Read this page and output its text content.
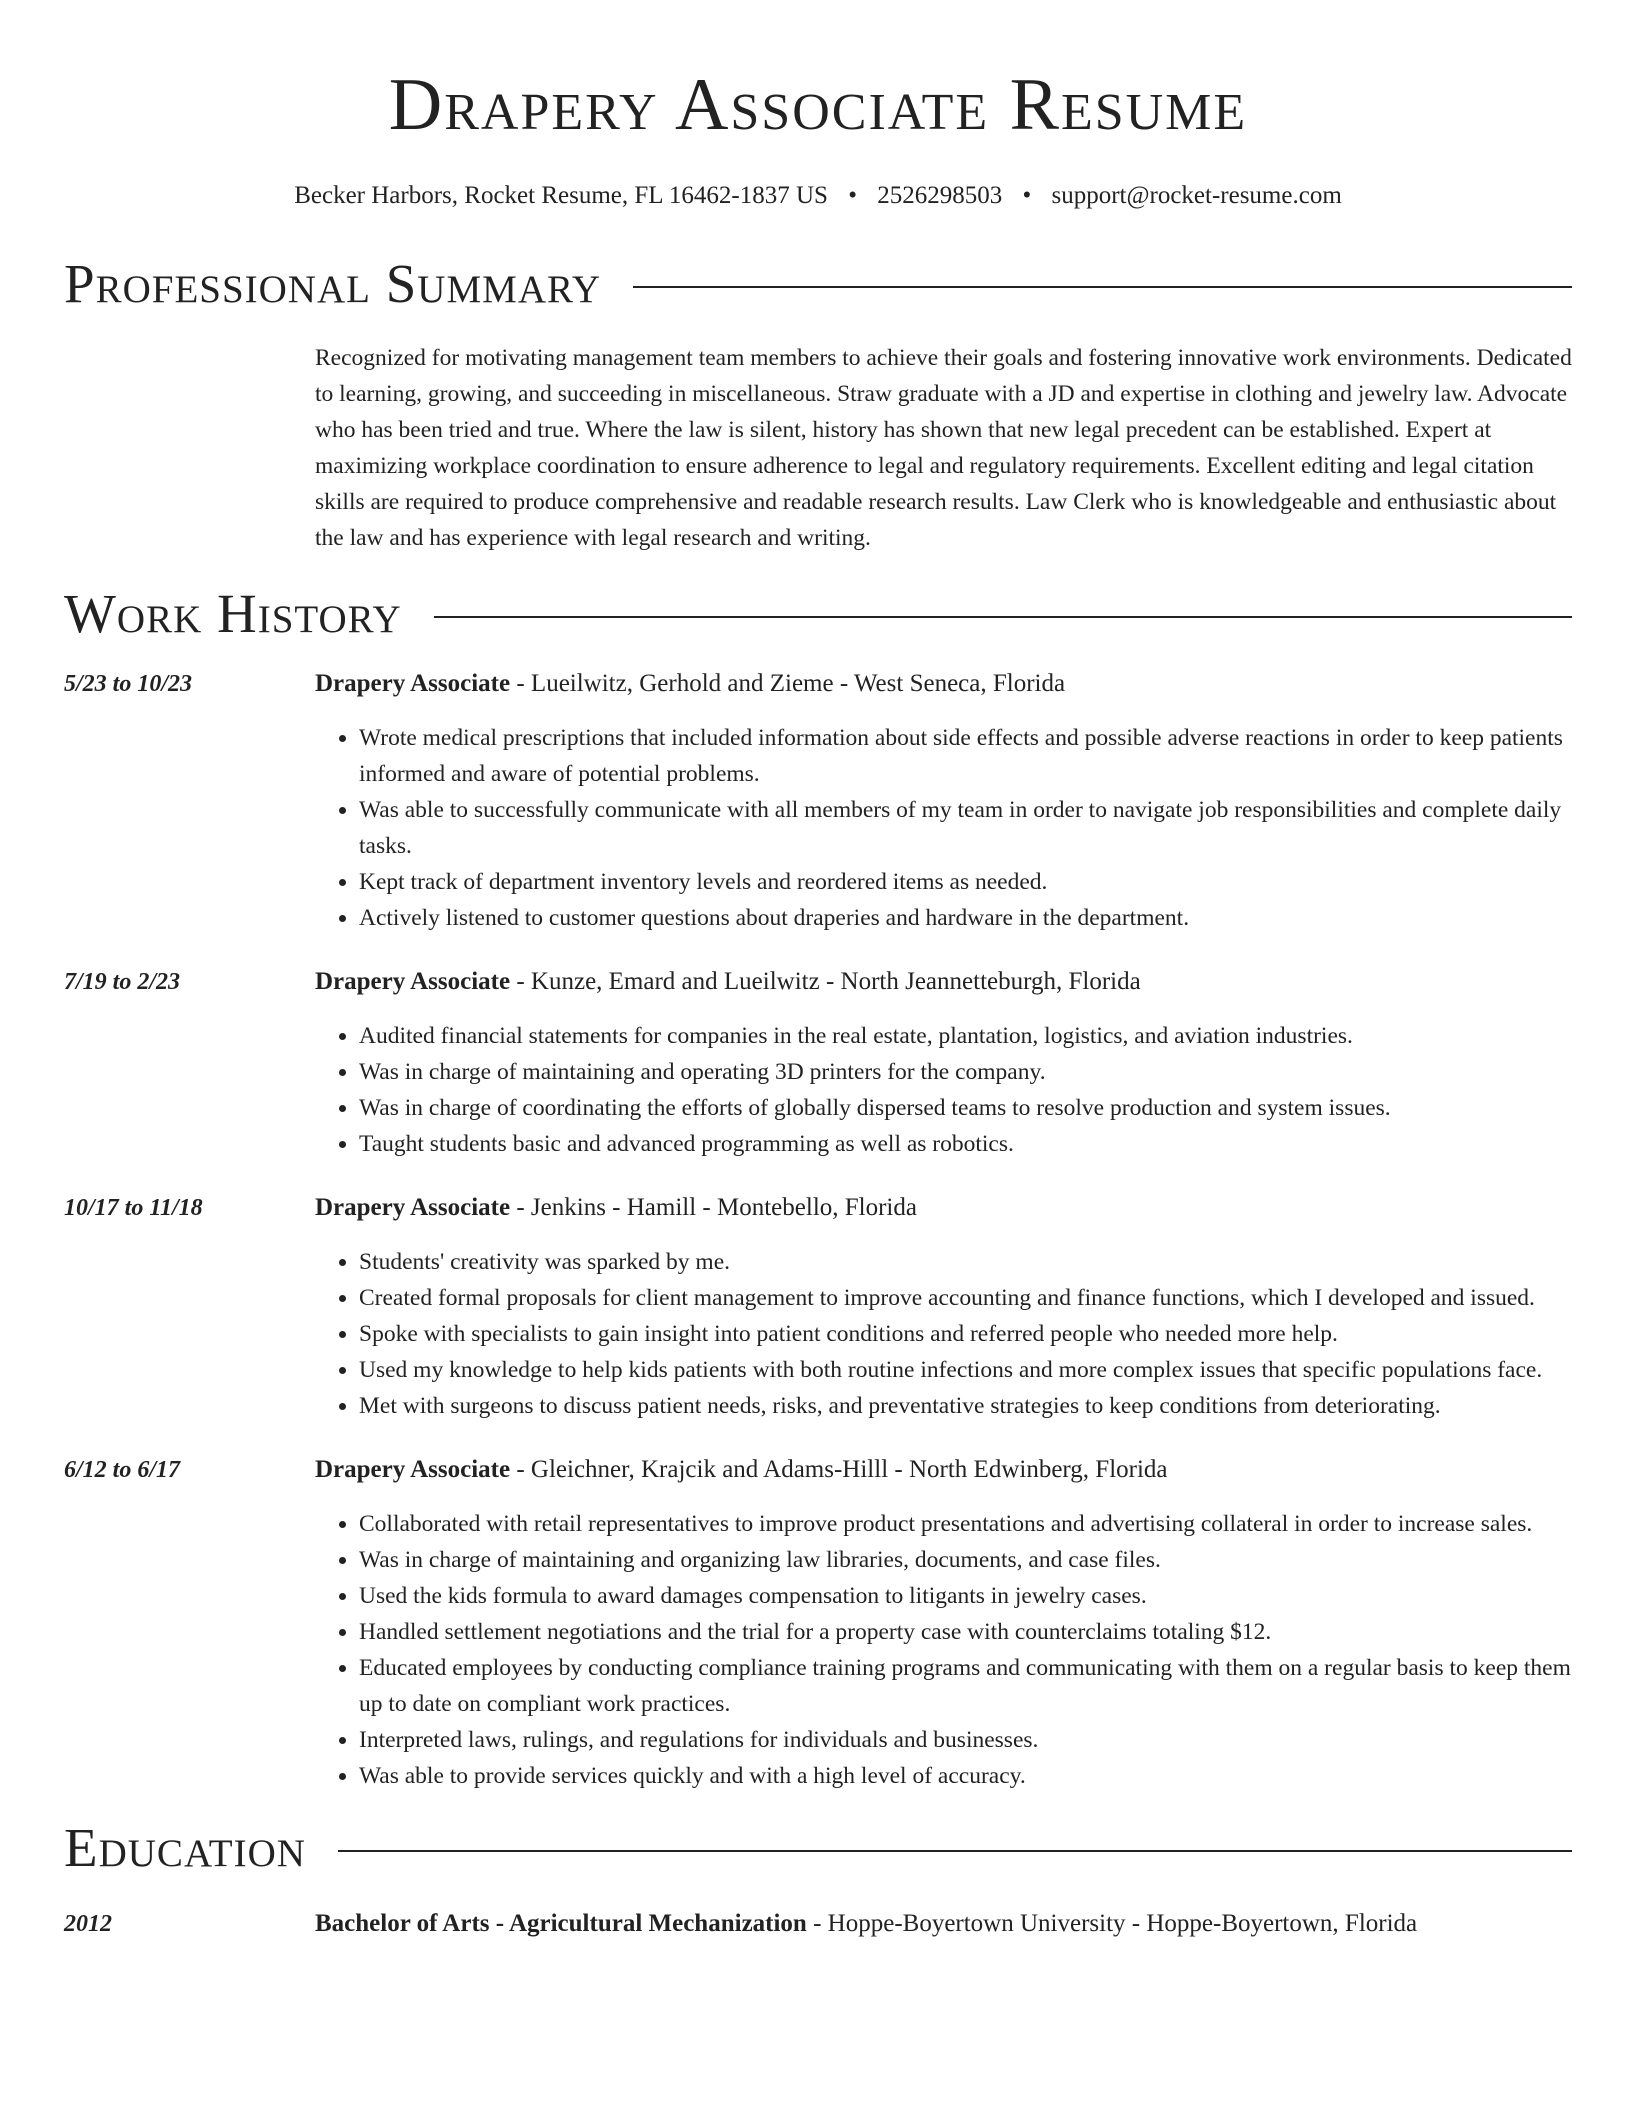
Drapery Associate Resume
Becker Harbors, Rocket Resume, FL 16462-1837 US • 2526298503 • support@rocket-resume.com
Professional Summary
Recognized for motivating management team members to achieve their goals and fostering innovative work environments. Dedicated to learning, growing, and succeeding in miscellaneous. Straw graduate with a JD and expertise in clothing and jewelry law. Advocate who has been tried and true. Where the law is silent, history has shown that new legal precedent can be established. Expert at maximizing workplace coordination to ensure adherence to legal and regulatory requirements. Excellent editing and legal citation skills are required to produce comprehensive and readable research results. Law Clerk who is knowledgeable and enthusiastic about the law and has experience with legal research and writing.
Work History
5/23 to 10/23	Drapery Associate - Lueilwitz, Gerhold and Zieme - West Seneca, Florida
• Wrote medical prescriptions that included information about side effects and possible adverse reactions in order to keep patients informed and aware of potential problems.
• Was able to successfully communicate with all members of my team in order to navigate job responsibilities and complete daily tasks.
• Kept track of department inventory levels and reordered items as needed.
• Actively listened to customer questions about draperies and hardware in the department.
7/19 to 2/23	Drapery Associate - Kunze, Emard and Lueilwitz - North Jeannetteburgh, Florida
• Audited financial statements for companies in the real estate, plantation, logistics, and aviation industries.
• Was in charge of maintaining and operating 3D printers for the company.
• Was in charge of coordinating the efforts of globally dispersed teams to resolve production and system issues.
• Taught students basic and advanced programming as well as robotics.
10/17 to 11/18	Drapery Associate - Jenkins - Hamill - Montebello, Florida
• Students' creativity was sparked by me.
• Created formal proposals for client management to improve accounting and finance functions, which I developed and issued.
• Spoke with specialists to gain insight into patient conditions and referred people who needed more help.
• Used my knowledge to help kids patients with both routine infections and more complex issues that specific populations face.
• Met with surgeons to discuss patient needs, risks, and preventative strategies to keep conditions from deteriorating.
6/12 to 6/17	Drapery Associate - Gleichner, Krajcik and Adams-Hilll - North Edwinberg, Florida
• Collaborated with retail representatives to improve product presentations and advertising collateral in order to increase sales.
• Was in charge of maintaining and organizing law libraries, documents, and case files.
• Used the kids formula to award damages compensation to litigants in jewelry cases.
• Handled settlement negotiations and the trial for a property case with counterclaims totaling $12.
• Educated employees by conducting compliance training programs and communicating with them on a regular basis to keep them up to date on compliant work practices.
• Interpreted laws, rulings, and regulations for individuals and businesses.
• Was able to provide services quickly and with a high level of accuracy.
Education
2012	Bachelor of Arts - Agricultural Mechanization - Hoppe-Boyertown University - Hoppe-Boyertown, Florida
